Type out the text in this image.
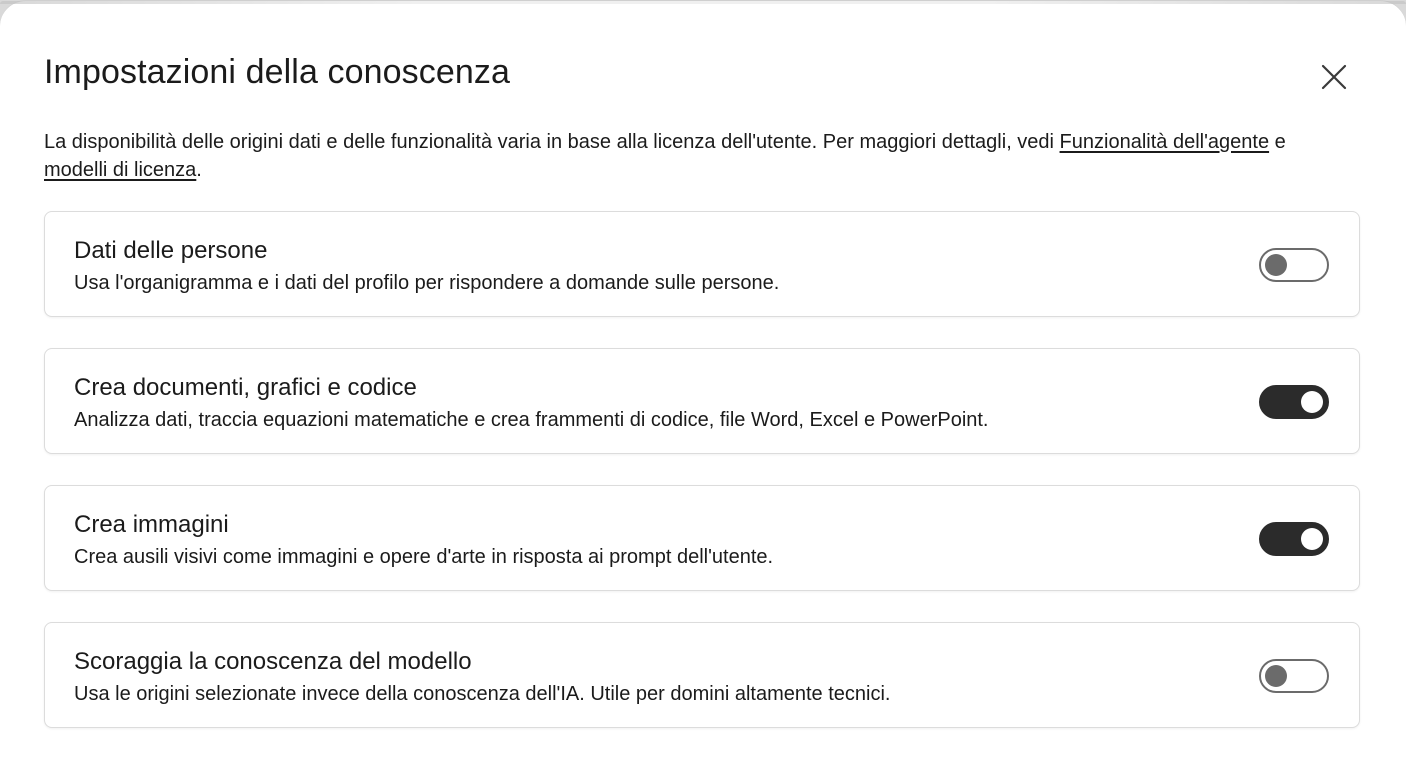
Impostazioni della conoscenza
La disponibilità delle origini dati e delle funzionalità varia in base alla licenza dell'utente. Per maggiori dettagli, vedi Funzionalità dell'agente e modelli di licenza.
Dati delle persone
Usa l'organigramma e i dati del profilo per rispondere a domande sulle persone.
Crea documenti, grafici e codice
Analizza dati, traccia equazioni matematiche e crea frammenti di codice, file Word, Excel e PowerPoint.
Crea immagini
Crea ausili visivi come immagini e opere d'arte in risposta ai prompt dell'utente.
Scoraggia la conoscenza del modello
Usa le origini selezionate invece della conoscenza dell'IA. Utile per domini altamente tecnici.
